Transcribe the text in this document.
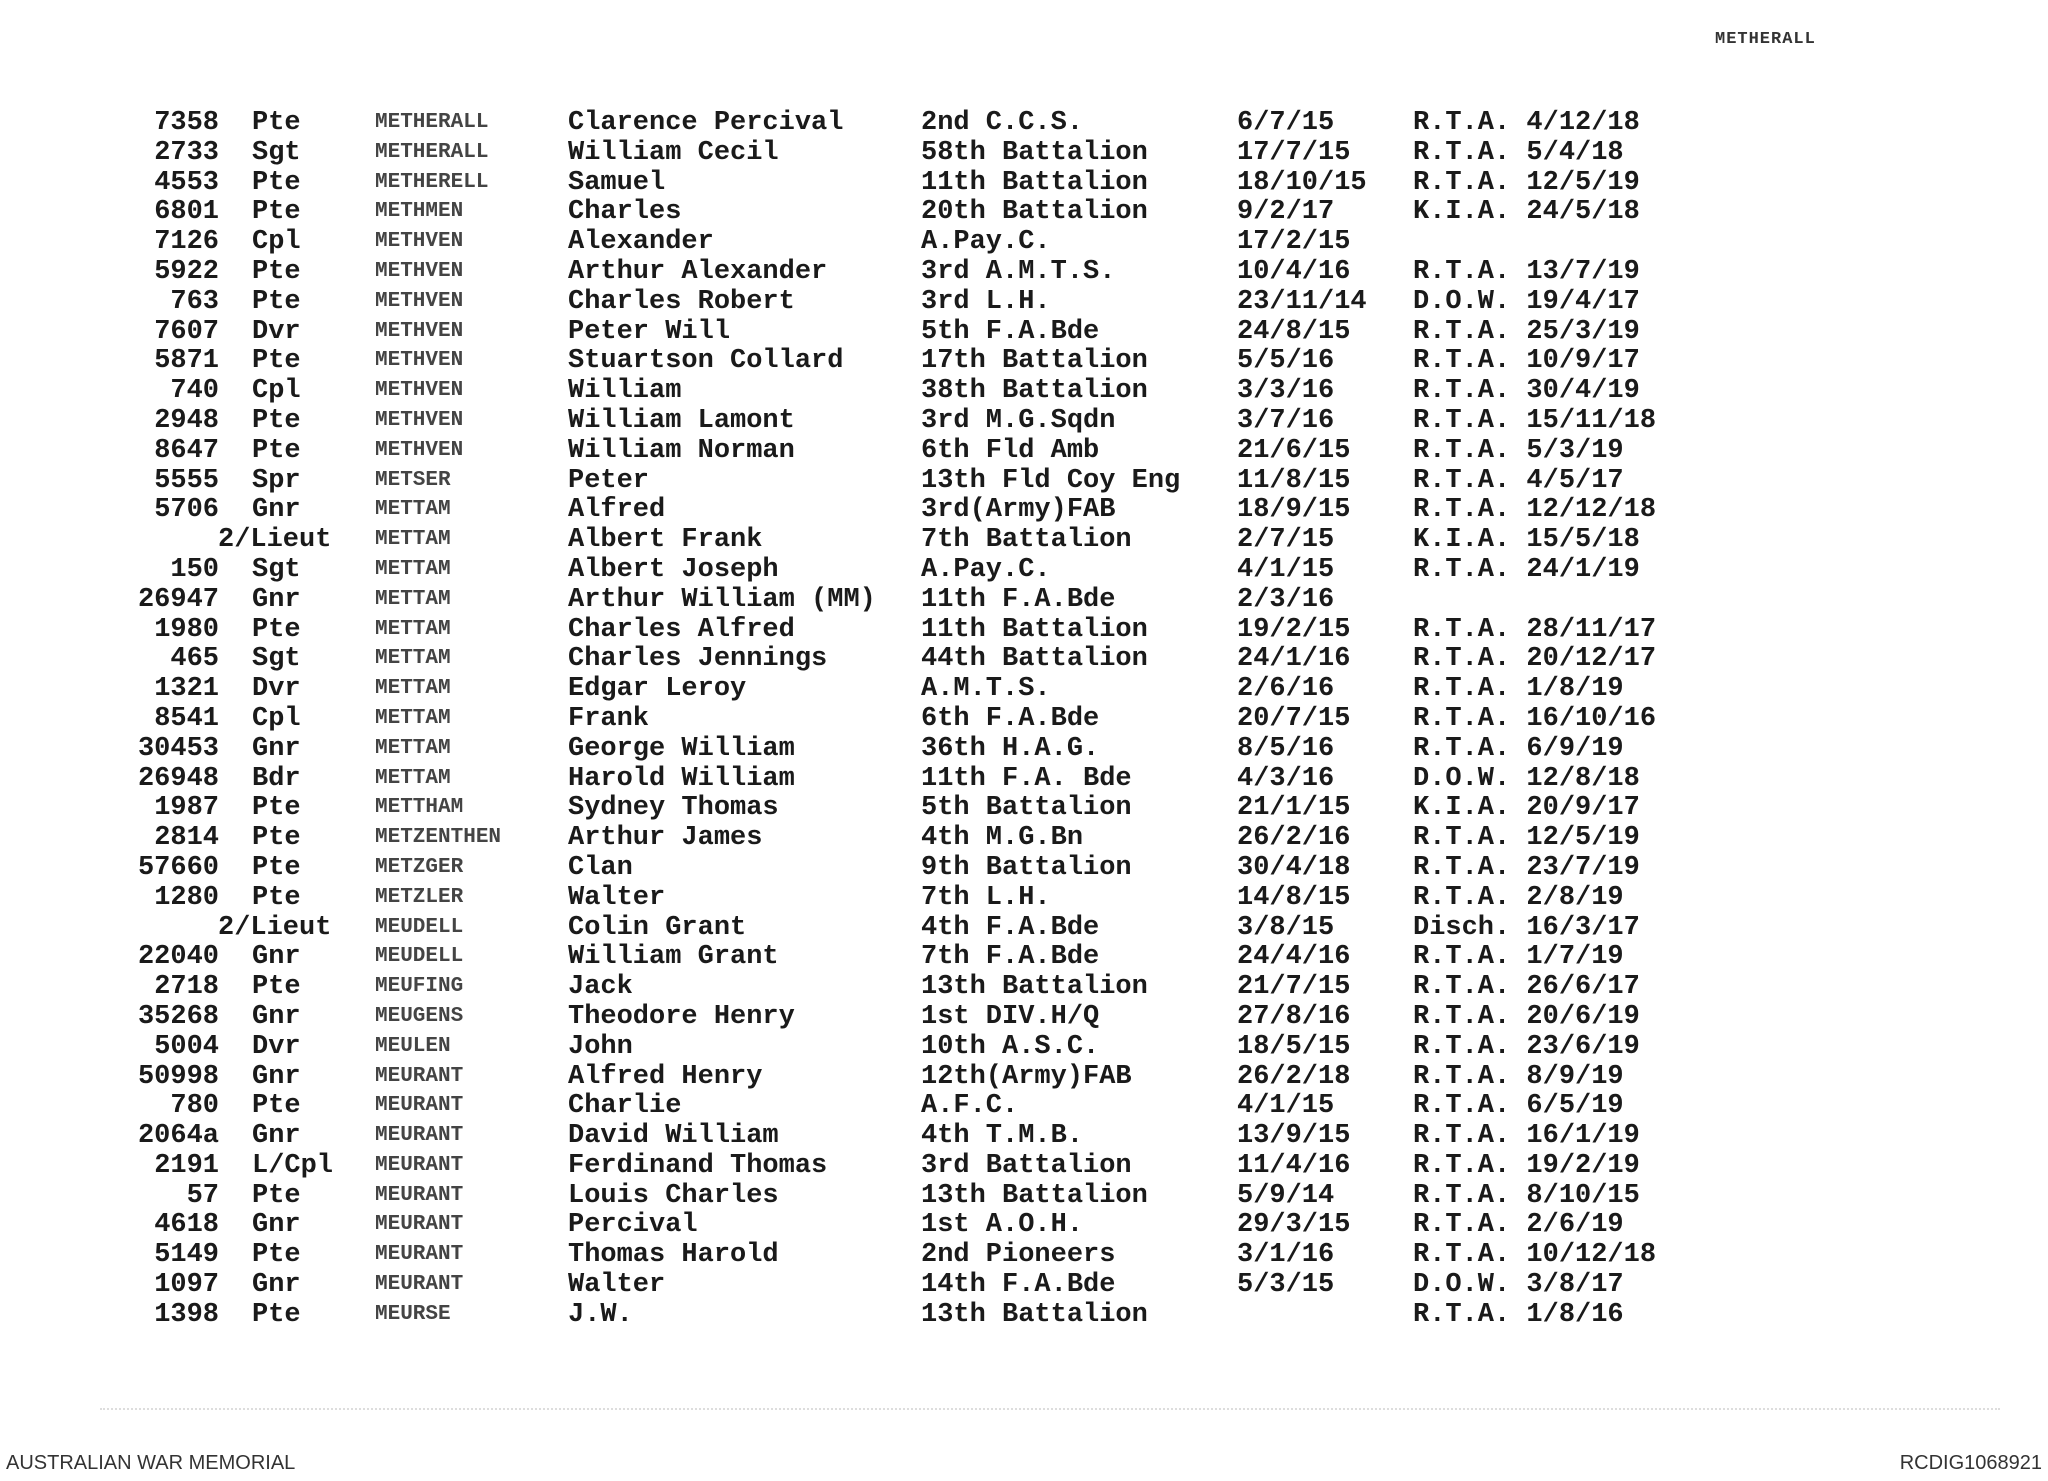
METHERALL
7358 Pte	METHERALL	Clarence Percival	2nd C.C.S.	6/7/15	R.T.A. 4/12/18
2733 Sgt	METHERALL	William Cecil	58th Battalion	17/7/15 R.T.A. 5/4/18
4553 Pte	METHERELL	Samuel	11th Battalion	18/10/15 R.T.A. 12/5/19
6801 Pte	METHMEN	Charles	20th Battalion	9/2/17	K.I.A. 24/5/18
7126 Cpl	METHVEN	Alexander	A.Pay.C.	17/2/15
5922 Pte	METHVEN	Arthur Alexander	3rd A.M.T.S.	10/4/16 R.T.A. 13/7/19
763 Pte	METHVEN	Charles Robert	3rd L.H.	23/11/14 D.O.W. 19/4/17
7607 Dvr	METHVEN	Peter Will	5th F.A.Bde	24/8/15 R.T.A. 25/3/19
5871 Pte	METHVEN	Stuartson Collard	17th Battalion	5/5/16	R.T.A. 10/9/17
740 Cpl	METHVEN	William	38th Battalion	3/3/16	R.T.A. 30/4/19
2948 Pte	METHVEN	William Lamont	3rd M.G.Sqdn	3/7/16	R.T.A. 15/11/18
8647 Pte	METHVEN	William Norman	6th Fld Amb	21/6/15 R.T.A. 5/3/19
5555 Spr	METSER	Peter	13th Fld Coy Eng 11/8/15 R.T.A. 4/5/17
5706 Gnr	METTAM	Alfred	3rd(Army)FAB	18/9/15 R.T.A. 12/12/18
2/Lieut METTAM	Albert Frank	7th Battalion	2/7/15	K.I.A. 15/5/18
150 Sgt	METTAM	Albert Joseph	A.Pay.C.	4/1/15	R.T.A. 24/1/19
26947 Gnr	METTAM	Arthur William (MM) 11th F.A.Bde	2/3/16
1980 Pte	METTAM	Charles Alfred	11th Battalion	19/2/15 R.T.A. 28/11/17
465 Sgt	METTAM	Charles Jennings	44th Battalion	24/1/16 R.T.A. 20/12/17
1321 Dvr	METTAM	Edgar Leroy	A.M.T.S.	2/6/16	R.T.A. 1/8/19
8541 Cpl	METTAM	Frank	6th F.A.Bde	20/7/15 R.T.A. 16/10/16
30453 Gnr	METTAM	George William	36th H.A.G.	8/5/16	R.T.A. 6/9/19
26948 Bdr	METTAM	Harold William	11th F.A. Bde	4/3/16	D.O.W. 12/8/18
1987 Pte	METTHAM	Sydney Thomas	5th Battalion	21/1/15 K.I.A. 20/9/17
2814 Pte	METZENTHEN Arthur James	4th M.G.Bn	26/2/16 R.T.A. 12/5/19
57660 Pte	METZGER	Clan	9th Battalion	30/4/18 R.T.A. 23/7/19
1280 Pte	METZLER	Walter	7th L.H.	14/8/15 R.T.A. 2/8/19
2/Lieut MEUDELL	Colin Grant	4th F.A.Bde	3/8/15	Disch. 16/3/17
22040 Gnr	MEUDELL	William Grant	7th F.A.Bde	24/4/16 R.T.A. 1/7/19
2718 Pte	MEUFING	Jack	13th Battalion	21/7/15 R.T.A. 26/6/17
35268 Gnr	MEUGENS	Theodore Henry	1st DIV.H/Q	27/8/16 R.T.A. 20/6/19
5004 Dvr	MEULEN	John	10th A.S.C.	18/5/15 R.T.A. 23/6/19
50998 Gnr	MEURANT	Alfred Henry	12th(Army)FAB	26/2/18 R.T.A. 8/9/19
780 Pte	MEURANT	Charlie	A.F.C.	4/1/15	R.T.A. 6/5/19
2064a Gnr	MEURANT	David William	4th T.M.B.	13/9/15 R.T.A. 16/1/19
2191 L/Cpl MEURANT	Ferdinand Thomas	3rd Battalion	11/4/16 R.T.A. 19/2/19
57 Pte	MEURANT	Louis Charles	13th Battalion	5/9/14	R.T.A. 8/10/15
4618 Gnr	MEURANT	Percival	1st A.O.H.	29/3/15 R.T.A. 2/6/19
5149 Pte	MEURANT	Thomas Harold	2nd Pioneers	3/1/16	R.T.A. 10/12/18
1097 Gnr	MEURANT	Walter	14th F.A.Bde	5/3/15	D.O.W. 3/8/17
1398 Pte	MEURSE	J.W.	13th Battalion	R.T.A. 1/8/16
AUSTRALIAN WAR MEMORIAL	RCDIG1068921
